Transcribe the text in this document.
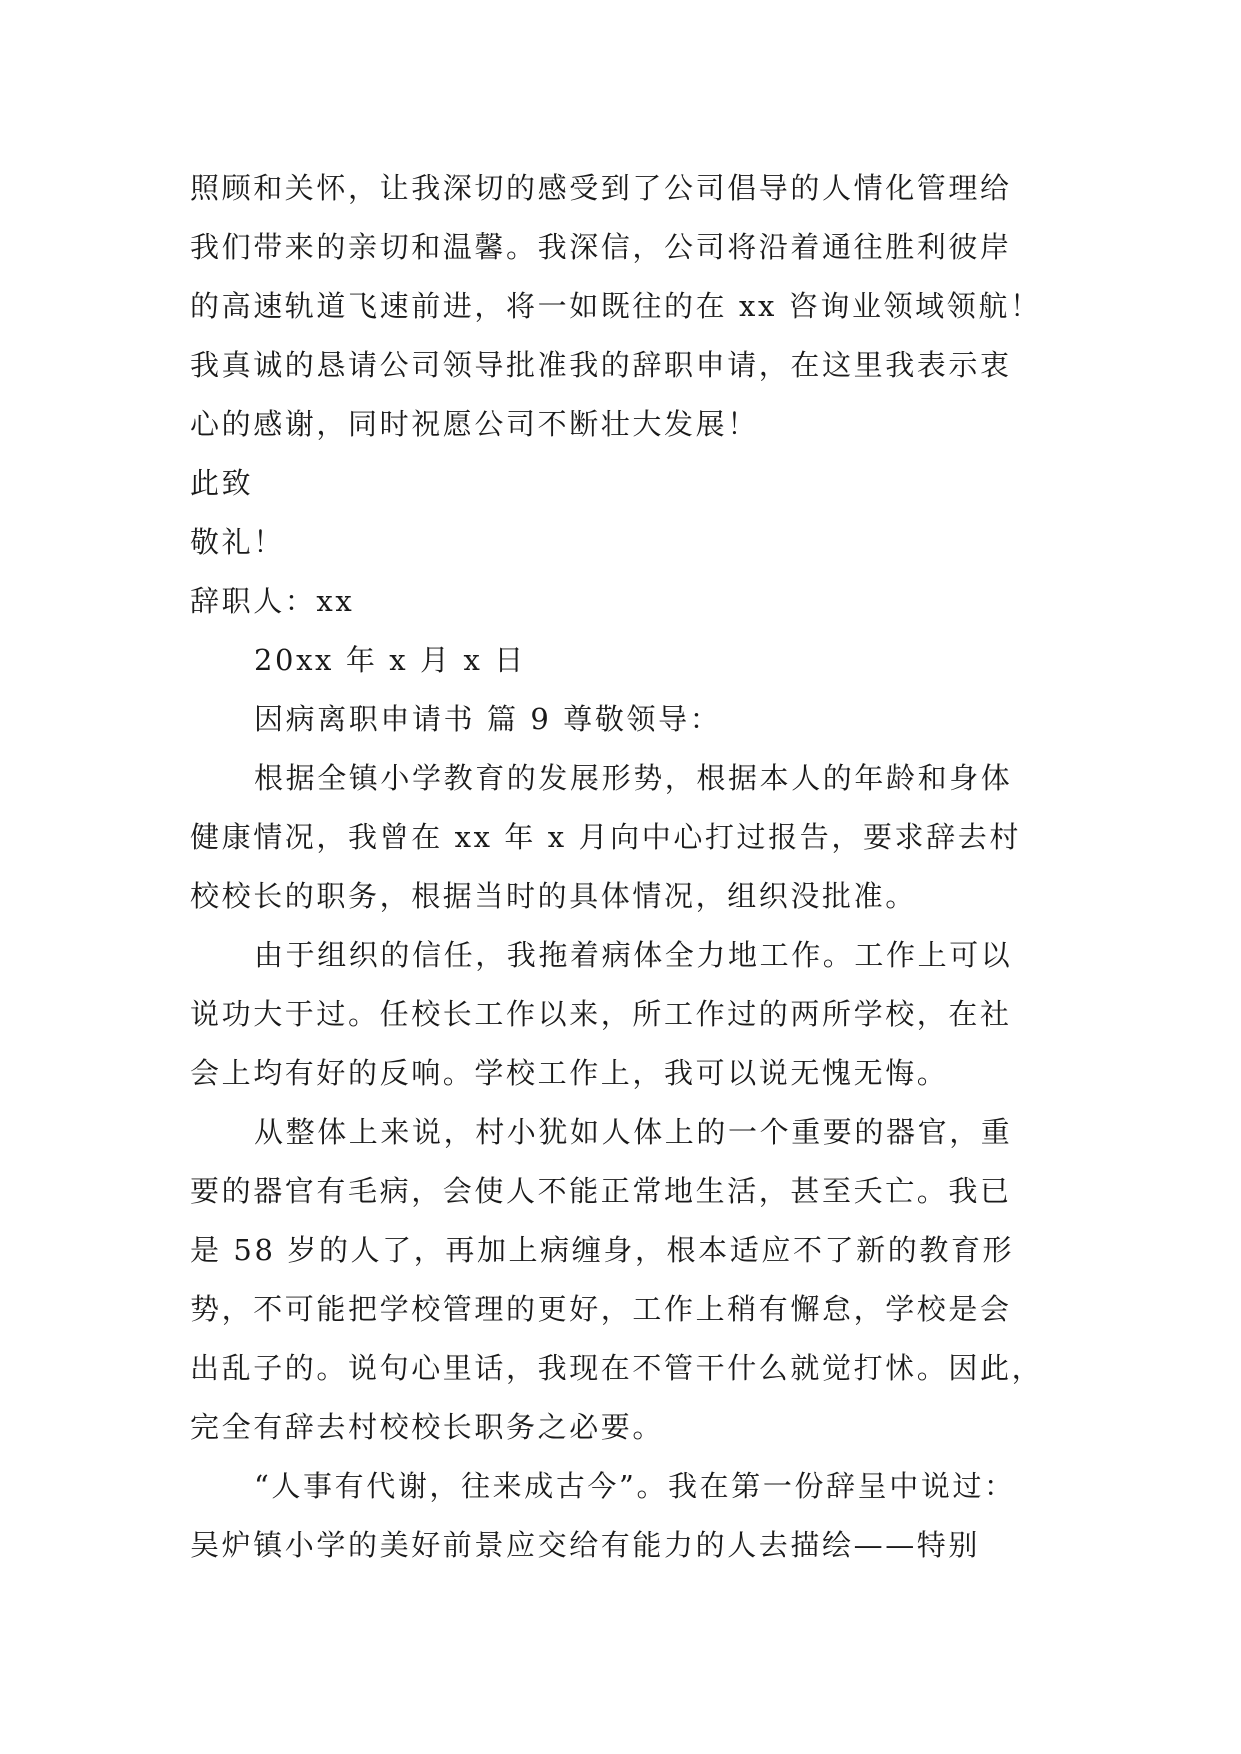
照顾和关怀，让我深切的感受到了公司倡导的人情化管理给
我们带来的亲切和温馨。我深信，公司将沿着通往胜利彼岸
的高速轨道飞速前进，将一如既往的在 xx 咨询业领域领航！
我真诚的恳请公司领导批准我的辞职申请，在这里我表示衷
心的感谢，同时祝愿公司不断壮大发展！
此致
敬礼！
辞职人：xx
20xx 年 x 月 x 日
因病离职申请书 篇 9 尊敬领导：
根据全镇小学教育的发展形势，根据本人的年龄和身体
健康情况，我曾在 xx 年 x 月向中心打过报告，要求辞去村
校校长的职务，根据当时的具体情况，组织没批准。
由于组织的信任，我拖着病体全力地工作。工作上可以
说功大于过。任校长工作以来，所工作过的两所学校，在社
会上均有好的反响。学校工作上，我可以说无愧无悔。
从整体上来说，村小犹如人体上的一个重要的器官，重
要的器官有毛病，会使人不能正常地生活，甚至夭亡。我已
是 58 岁的人了，再加上病缠身，根本适应不了新的教育形
势，不可能把学校管理的更好，工作上稍有懈怠，学校是会
出乱子的。说句心里话，我现在不管干什么就觉打怵。因此，
完全有辞去村校校长职务之必要。
“人事有代谢，往来成古今”。我在第一份辞呈中说过：
吴炉镇小学的美好前景应交给有能力的人去描绘——特别
